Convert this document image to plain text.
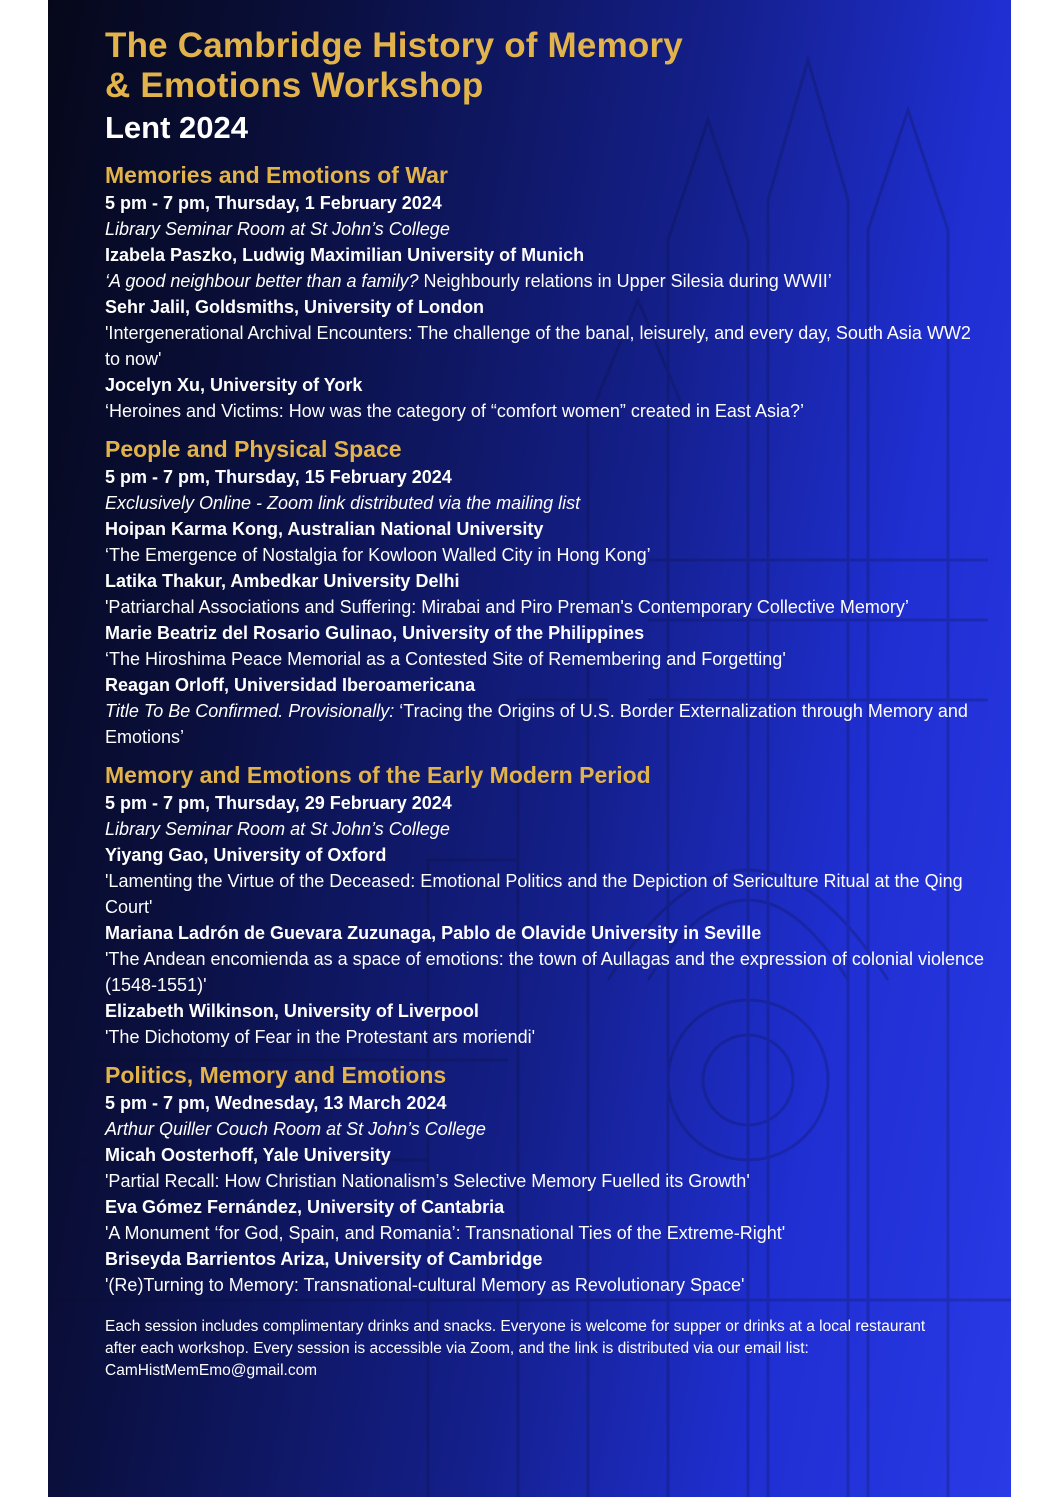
The Cambridge History of Memory
& Emotions Workshop
Lent 2024
Memories and Emotions of War
5 pm - 7 pm, Thursday, 1 February 2024
Library Seminar Room at St John’s College
Izabela Paszko, Ludwig Maximilian University of Munich
‘A good neighbour better than a family? Neighbourly relations in Upper Silesia during WWII’
Sehr Jalil, Goldsmiths, University of London
'Intergenerational Archival Encounters: The challenge of the banal, leisurely, and every day, South Asia WW2 to now'
Jocelyn Xu, University of York
‘Heroines and Victims: How was the category of “comfort women” created in East Asia?’
People and Physical Space
5 pm - 7 pm, Thursday, 15 February 2024
Exclusively Online - Zoom link distributed via the mailing list
Hoipan Karma Kong, Australian National University
‘The Emergence of Nostalgia for Kowloon Walled City in Hong Kong’
Latika Thakur, Ambedkar University Delhi
'Patriarchal Associations and Suffering: Mirabai and Piro Preman's Contemporary Collective Memory’
Marie Beatriz del Rosario Gulinao, University of the Philippines
‘The Hiroshima Peace Memorial as a Contested Site of Remembering and Forgetting'
Reagan Orloff, Universidad Iberoamericana
Title To Be Confirmed. Provisionally: ‘Tracing the Origins of U.S. Border Externalization through Memory and Emotions’
Memory and Emotions of the Early Modern Period
5 pm - 7 pm, Thursday, 29 February 2024
Library Seminar Room at St John’s College
Yiyang Gao, University of Oxford
'Lamenting the Virtue of the Deceased: Emotional Politics and the Depiction of Sericulture Ritual at the Qing Court'
Mariana Ladrón de Guevara Zuzunaga, Pablo de Olavide University in Seville
'The Andean encomienda as a space of emotions: the town of Aullagas and the expression of colonial violence (1548-1551)'
Elizabeth Wilkinson, University of Liverpool
'The Dichotomy of Fear in the Protestant ars moriendi'
Politics, Memory and Emotions
5 pm - 7 pm, Wednesday, 13 March 2024
Arthur Quiller Couch Room at St John’s College
Micah Oosterhoff, Yale University
'Partial Recall: How Christian Nationalism’s Selective Memory Fuelled its Growth'
Eva Gómez Fernández, University of Cantabria
'A Monument ‘for God, Spain, and Romania’: Transnational Ties of the Extreme-Right'
Briseyda Barrientos Ariza, University of Cambridge
'(Re)Turning to Memory: Transnational-cultural Memory as Revolutionary Space'
Each session includes complimentary drinks and snacks. Everyone is welcome for supper or drinks at a local restaurant after each workshop. Every session is accessible via Zoom, and the link is distributed via our email list: CamHistMemEmo@gmail.com
